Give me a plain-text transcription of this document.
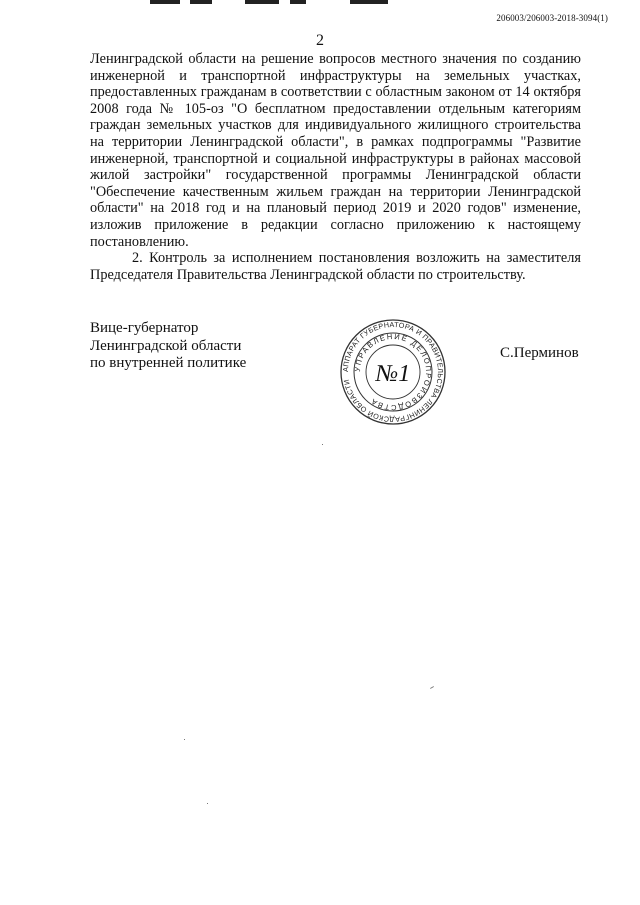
206003/206003-2018-3094(1)
2

Ленинградской области на решение вопросов местного значения по созданию инженерной и транспортной инфраструктуры на земельных участках, предоставленных гражданам в соответствии с областным законом от 14 октября 2008 года № 105-оз "О бесплатном предоставлении отдельным категориям граждан земельных участков для индивидуального жилищного строительства на территории Ленинградской области", в рамках подпрограммы "Развитие инженерной, транспортной и социальной инфраструктуры в районах массовой жилой застройки" государственной программы Ленинградской области "Обеспечение качественным жильем граждан на территории Ленинградской области" на 2018 год и на плановый период 2019 и 2020 годов" изменение, изложив приложение в редакции согласно приложению к настоящему постановлению.

2. Контроль за исполнением постановления возложить на заместителя Председателя Правительства Ленинградской области по строительству.

Вице-губернатор
Ленинградской области
по внутренней политике
С.Перминов
АППАРАТ ГУБЕРНАТОРА И ПРАВИТЕЛЬСТВА ЛЕНИНГРАДСКОЙ ОБЛАСТИ
УПРАВЛЕНИЕ ДЕЛОПРОИЗВОДСТВА
№1
